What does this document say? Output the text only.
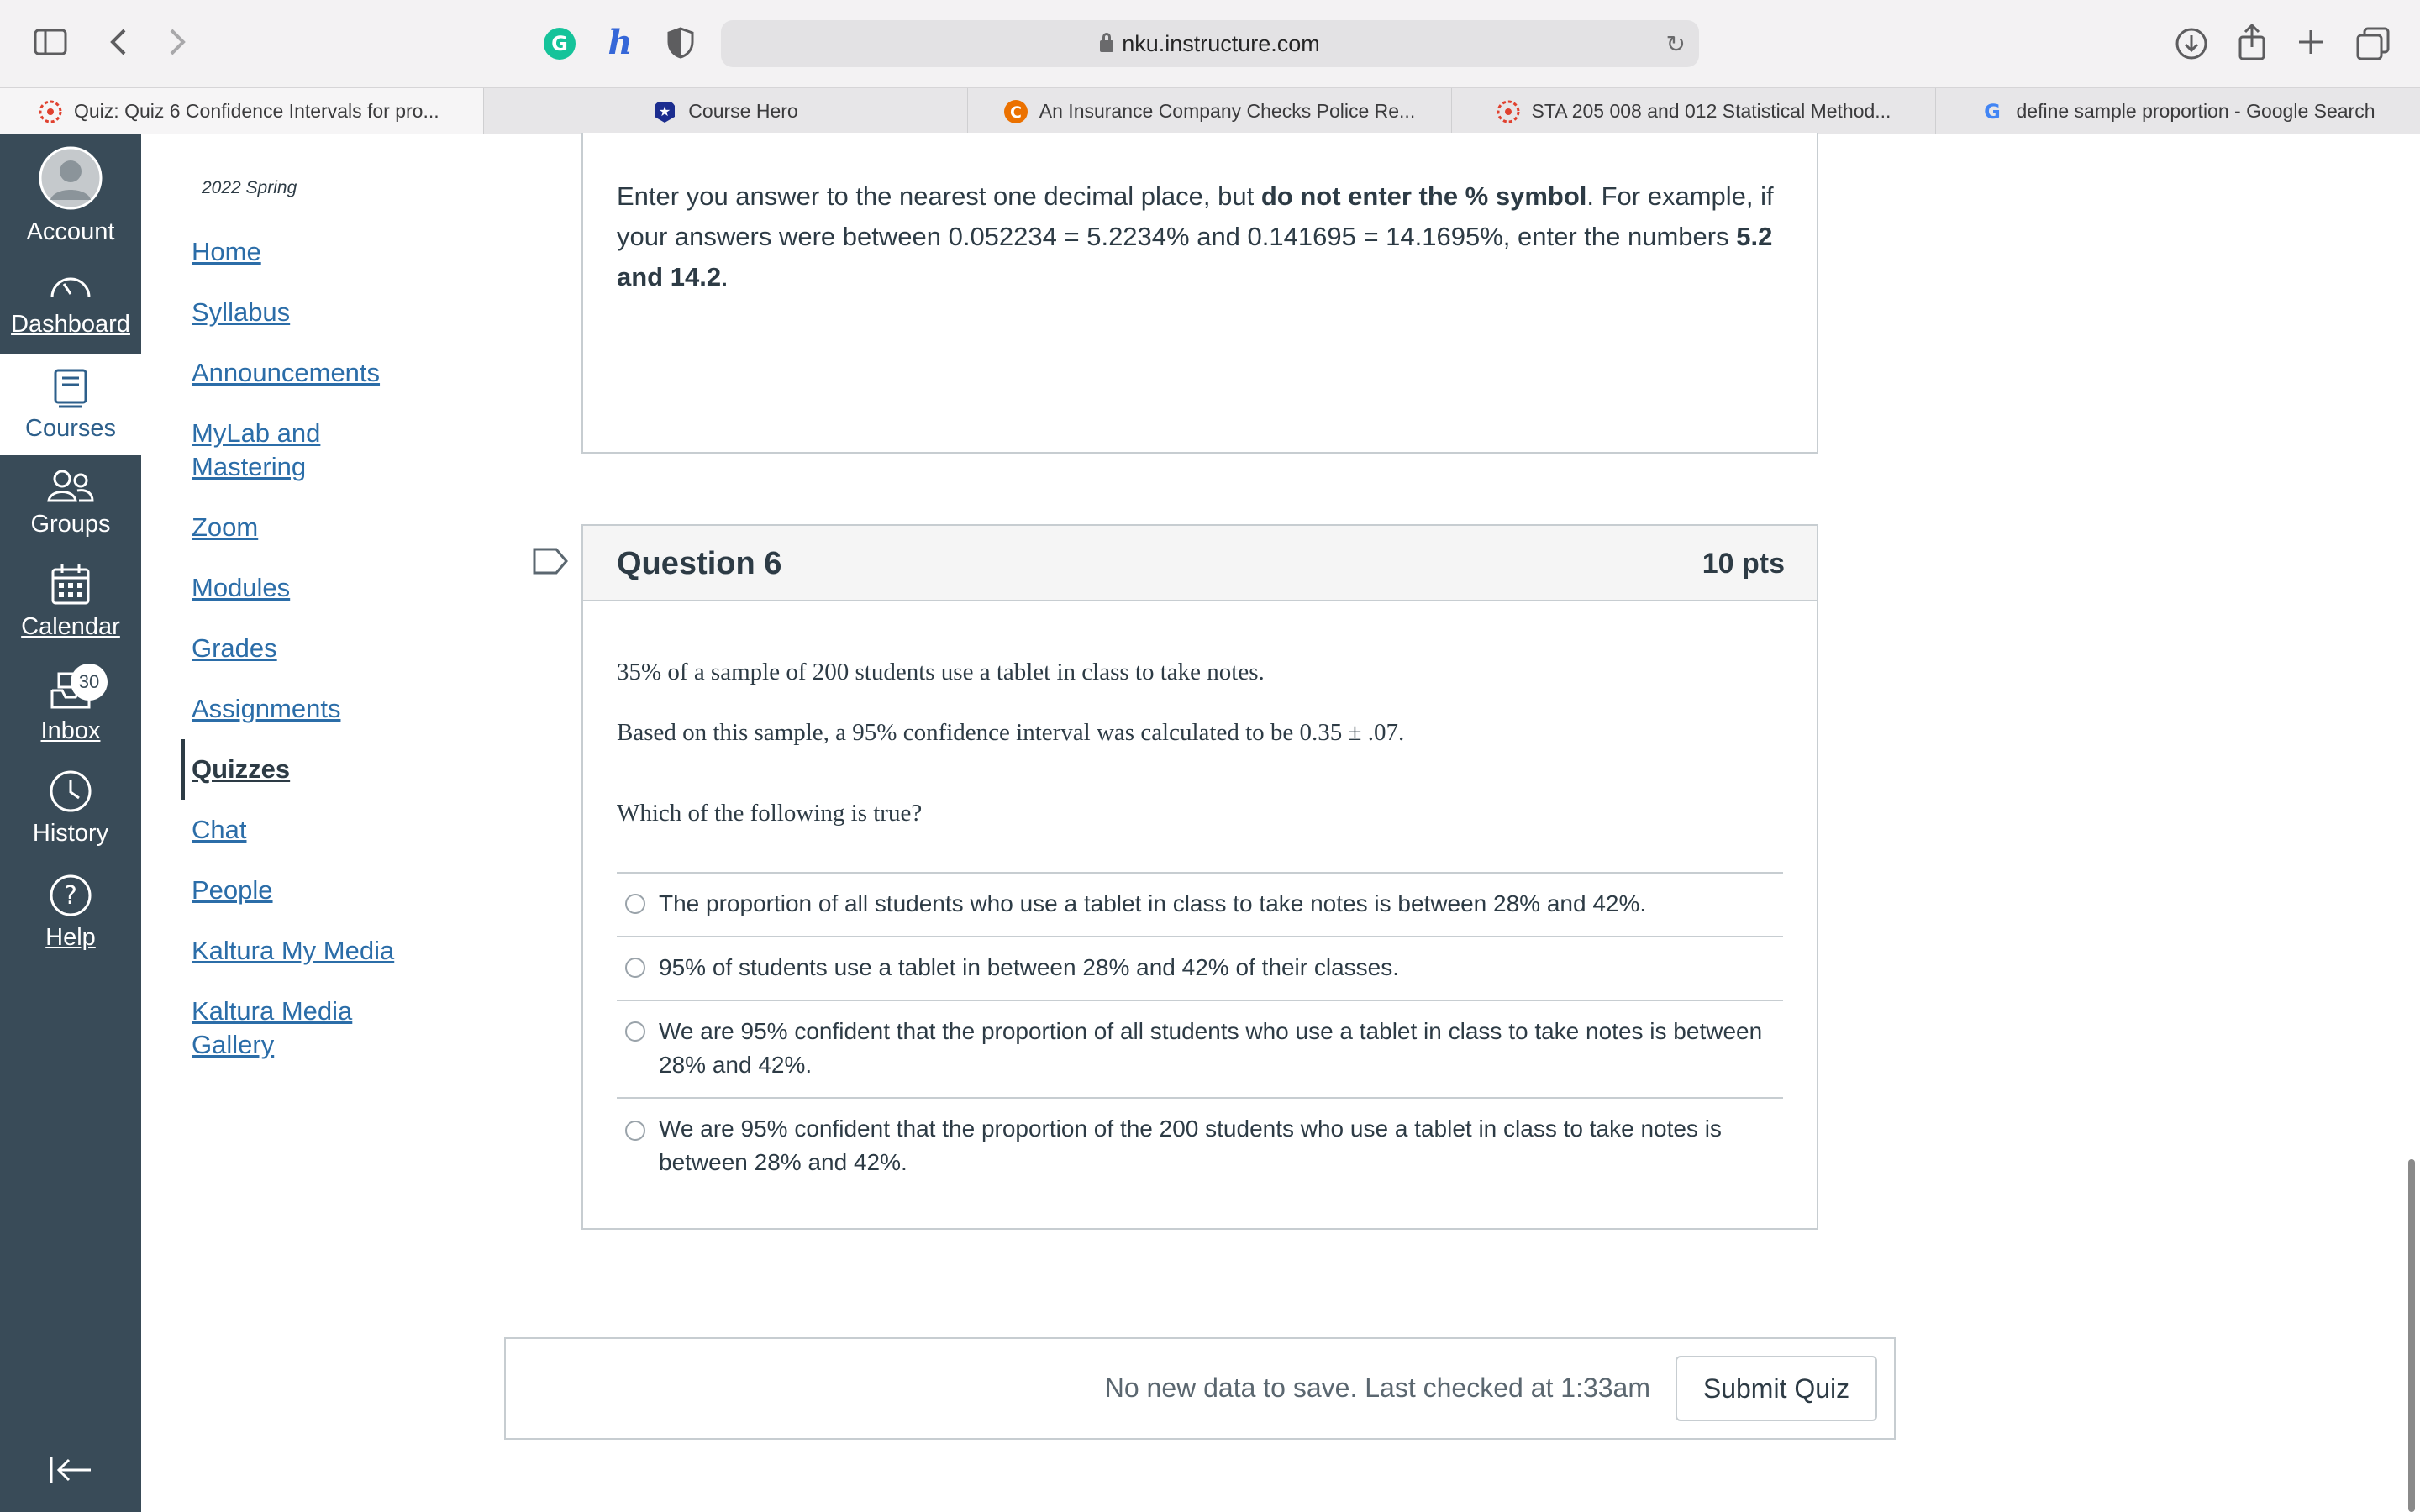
G h	nku.instructure.com	↻
Quiz: Quiz 6 Confidence Intervals for pro...	★ Course Hero	C An Insurance Company Checks Police Re...	STA 205 008 and 012 Statistical Method...	G define sample proportion - Google Search
Account
Dashboard
Courses
Groups
Calendar
30
Inbox
History
?
Help
2022 Spring
Home
Syllabus
Announcements
MyLab and Mastering
Zoom
Modules
Grades
Assignments
Quizzes
Chat
People
Kaltura My Media
Kaltura Media Gallery
Enter you answer to the nearest one decimal place, but do not enter the % symbol. For example, if your answers were between 0.052234 = 5.2234% and 0.141695 = 14.1695%, enter the numbers 5.2 and 14.2.
Question 6	10 pts
35% of a sample of 200 students use a tablet in class to take notes.
Based on this sample, a 95% confidence interval was calculated to be 0.35 ± .07.
Which of the following is true?
The proportion of all students who use a tablet in class to take notes is between 28% and 42%.
95% of students use a tablet in between 28% and 42% of their classes.
We are 95% confident that the proportion of all students who use a tablet in class to take notes is between 28% and 42%.
We are 95% confident that the proportion of the 200 students who use a tablet in class to take notes is between 28% and 42%.
No new data to save. Last checked at 1:33am	Submit Quiz
